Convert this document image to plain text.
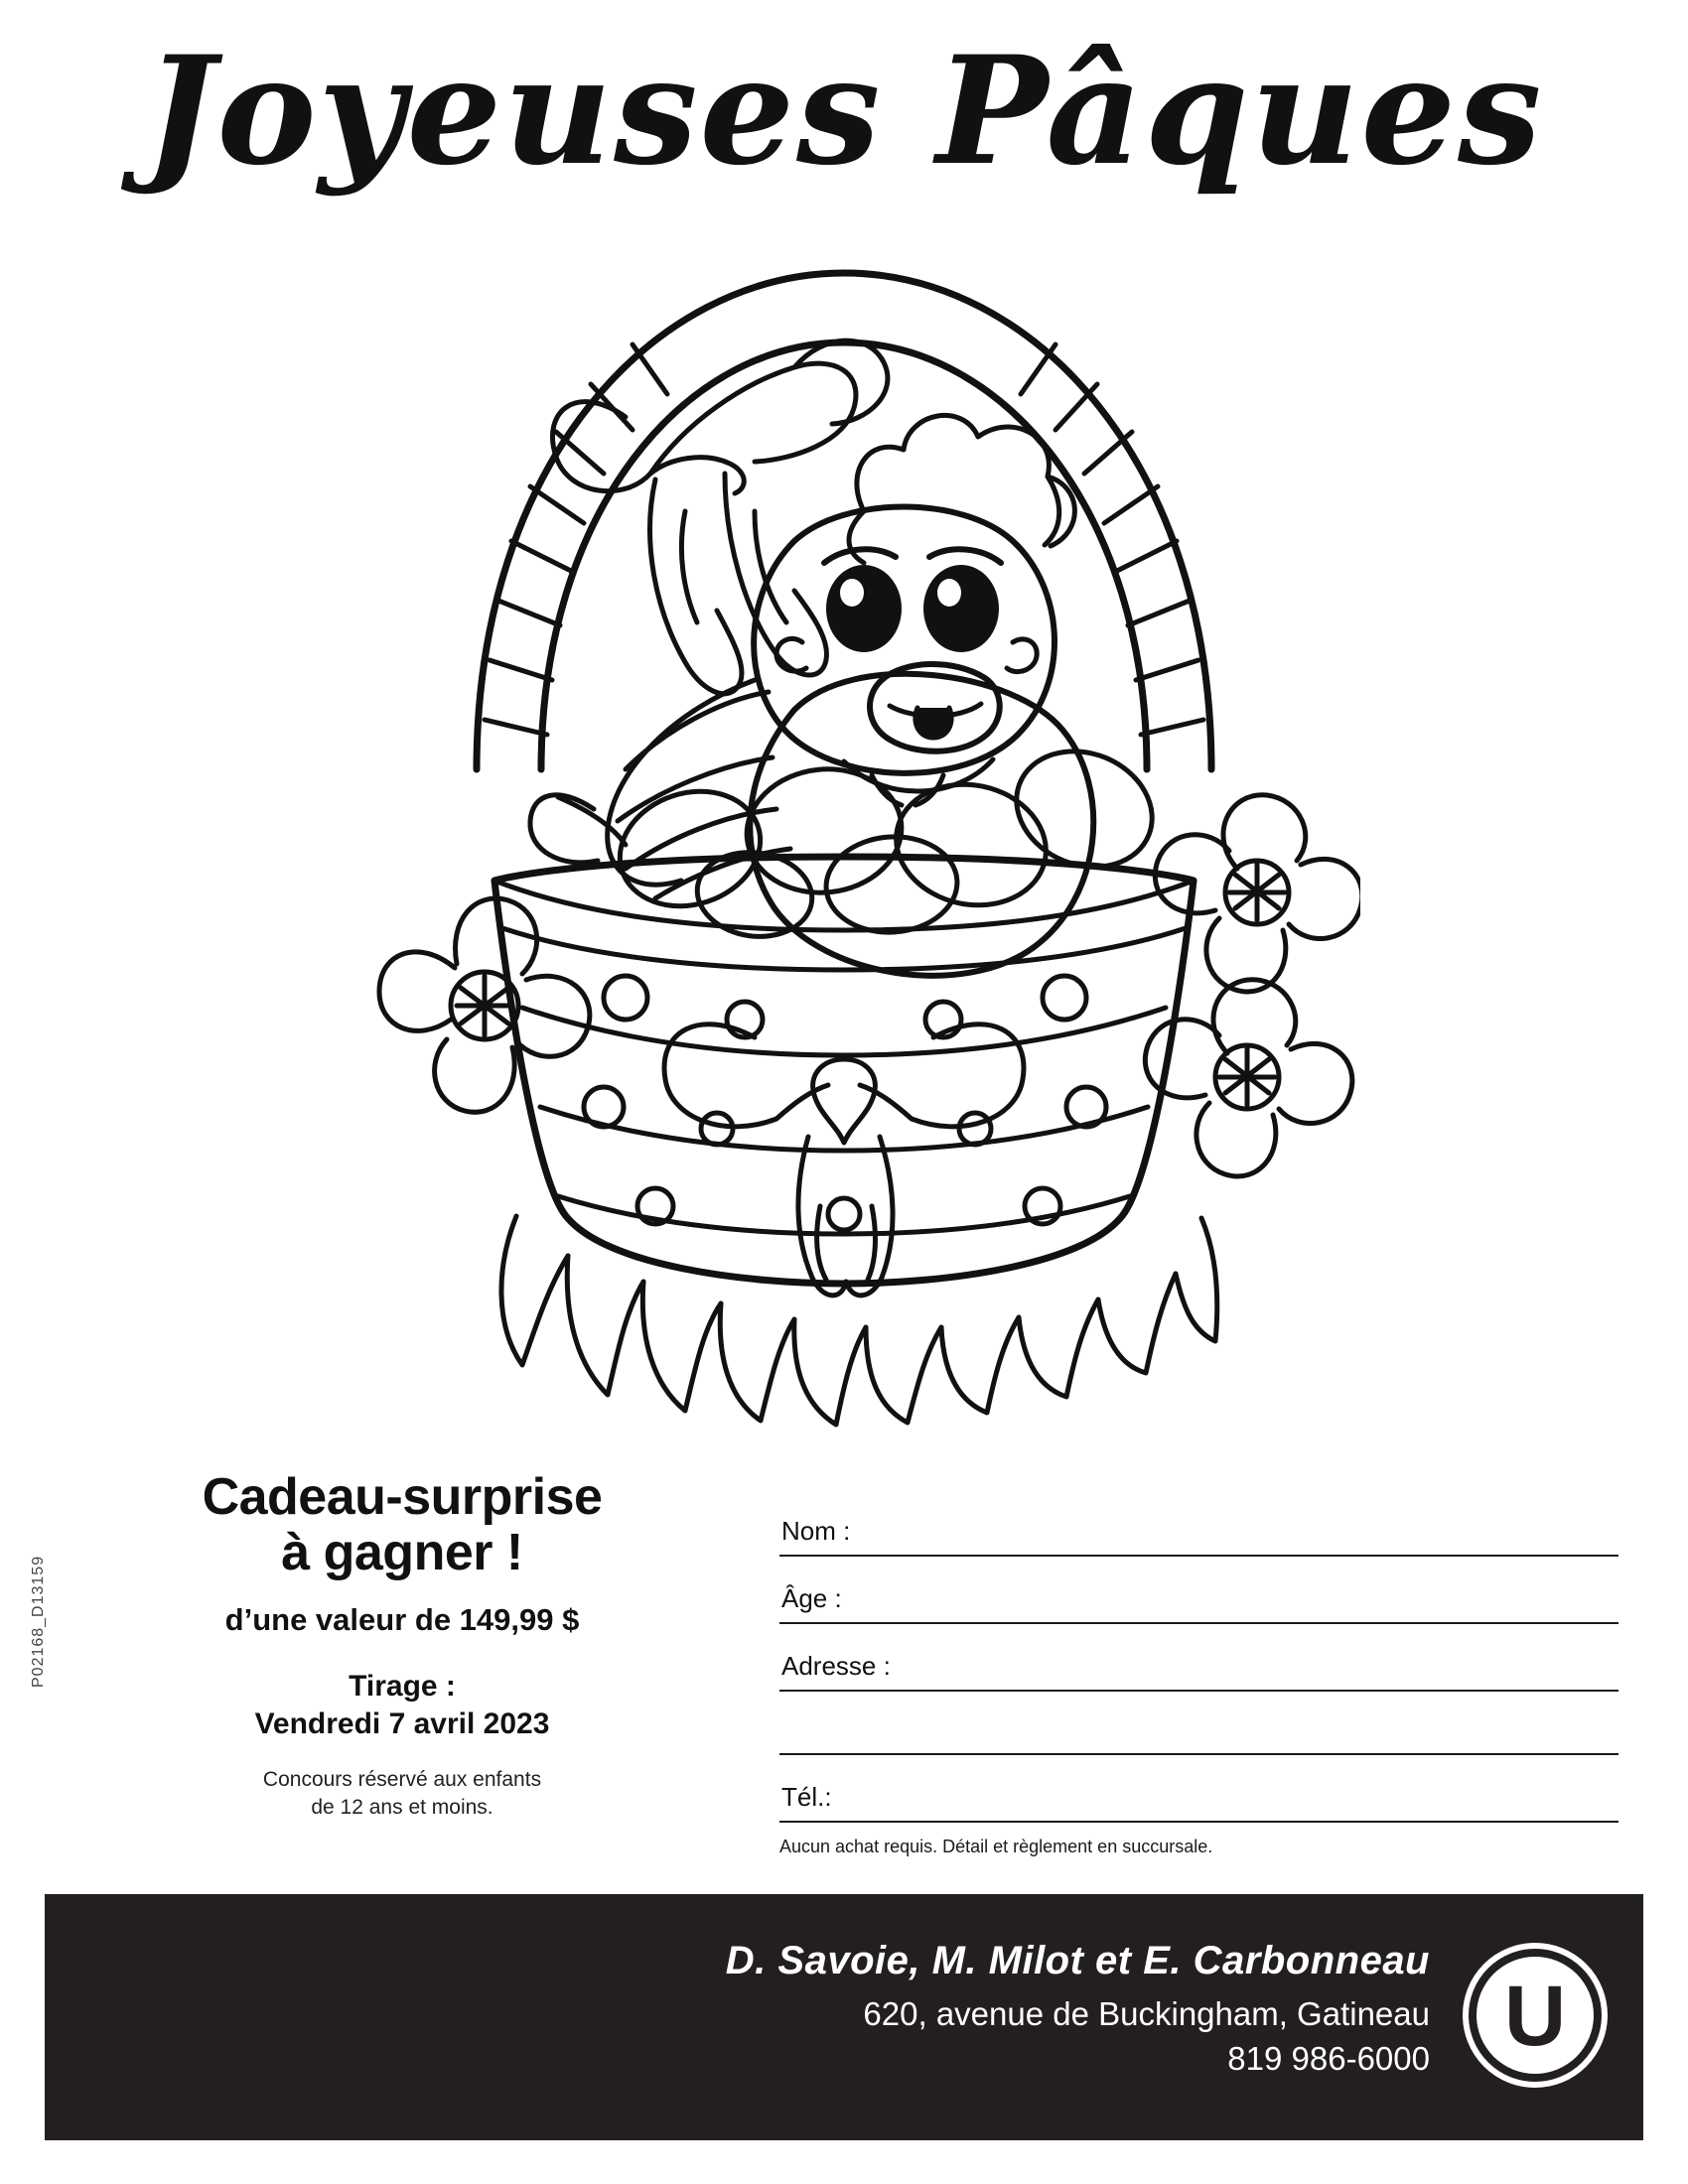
Joyeuses Pâques
Cadeau-surprise
à gagner !
d’une valeur de 149,99 $
Tirage :
Vendredi 7 avril 2023
Concours réservé aux enfants
de 12 ans et moins.
P02168_D13159
Nom :
Âge :
Adresse :
Tél.:
Aucun achat requis. Détail et règlement en succursale.
D. Savoie, M. Milot et E. Carbonneau
620, avenue de Buckingham, Gatineau
819 986-6000 U
